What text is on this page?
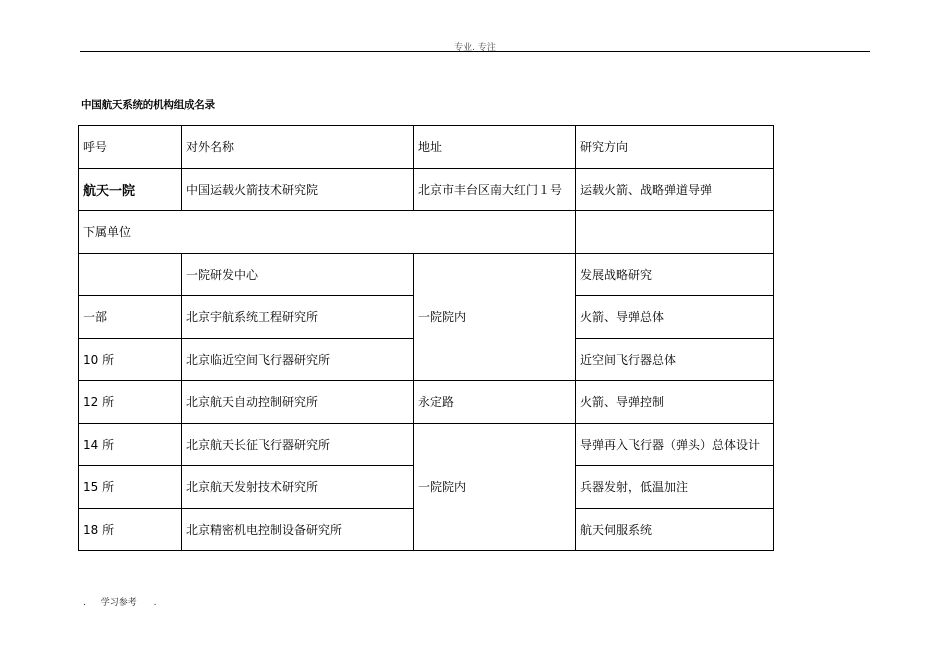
专业. 专注
中国航天系统的机构组成名录
呼号	对外名称	地址	研究方向
航天一院	中国运载火箭技术研究院	北京市丰台区南大红门１号	运载火箭、战略弹道导弹
下属单位			
	一院研发中心	一院院内	发展战略研究
一部	北京宇航系统工程研究所		火箭、导弹总体
10 所	北京临近空间飞行器研究所		近空间飞行器总体
12 所	北京航天自动控制研究所	永定路	火箭、导弹控制
14 所	北京航天长征飞行器研究所	一院院内	导弹再入飞行器（弹头）总体设计
15 所	北京航天发射技术研究所		兵器发射，低温加注
18 所	北京精密机电控制设备研究所		航天伺服系统
. 学习参考 .
